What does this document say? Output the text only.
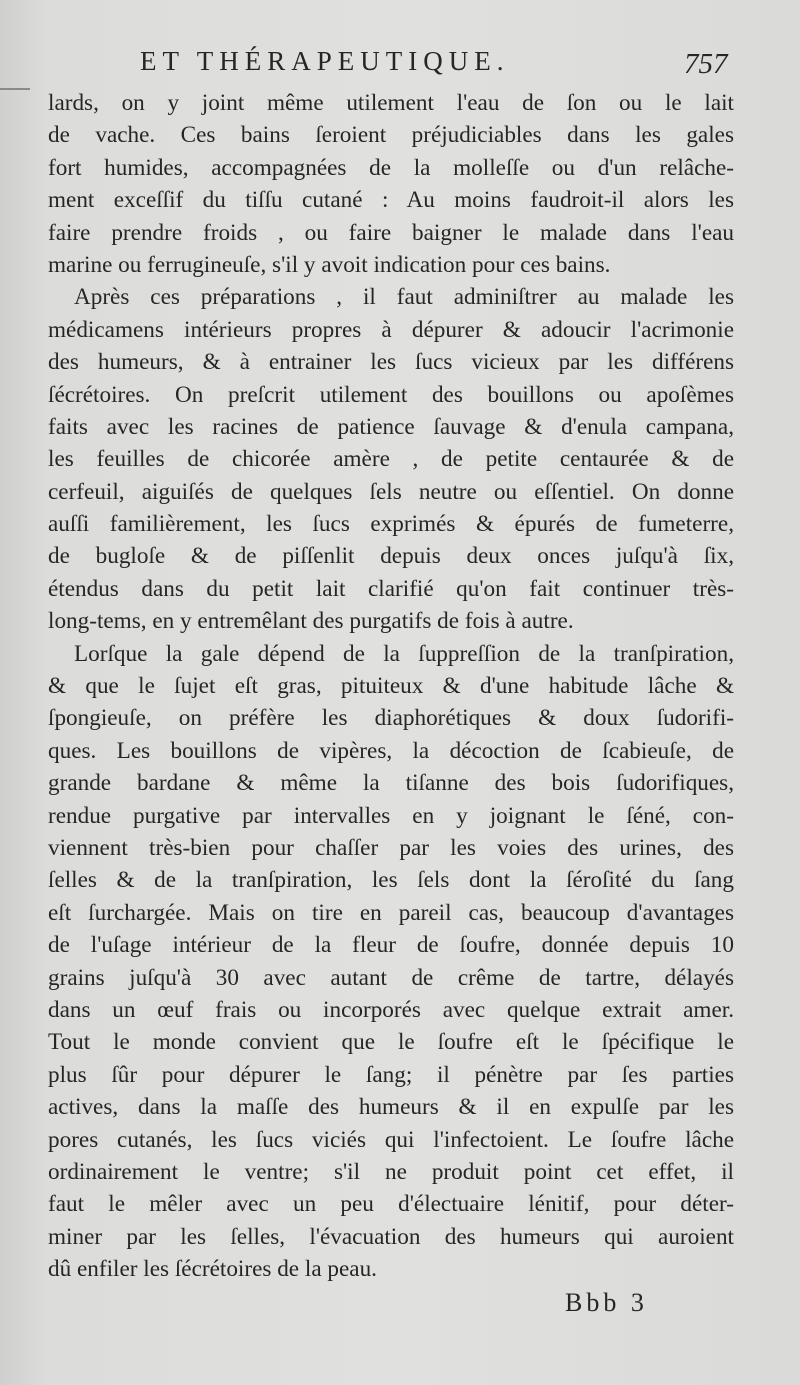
ET THÉRAPEUTIQUE.	757
lards, on y joint même utilement l'eau de ſon ou le lait
de vache. Ces bains ſeroient préjudiciables dans les gales
fort humides, accompagnées de la molleſſe ou d'un relâche-
ment exceſſif du tiſſu cutané : Au moins faudroit-il alors les
faire prendre froids , ou faire baigner le malade dans l'eau
marine ou ferrugineuſe, s'il y avoit indication pour ces bains.
Après ces préparations , il faut adminiſtrer au malade les
médicamens intérieurs propres à dépurer & adoucir l'acrimonie
des humeurs, & à entrainer les ſucs vicieux par les différens
ſécrétoires. On preſcrit utilement des bouillons ou apoſèmes
faits avec les racines de patience ſauvage & d'enula campana,
les feuilles de chicorée amère , de petite centaurée & de
cerfeuil, aiguiſés de quelques ſels neutre ou eſſentiel. On donne
auſſi familièrement, les ſucs exprimés & épurés de fumeterre,
de bugloſe & de piſſenlit depuis deux onces juſqu'à ſix,
étendus dans du petit lait clarifié qu'on fait continuer très-
long-tems, en y entremêlant des purgatifs de fois à autre.
Lorſque la gale dépend de la ſuppreſſion de la tranſpiration,
& que le ſujet eſt gras, pituiteux & d'une habitude lâche &
ſpongieuſe, on préfère les diaphorétiques & doux ſudorifi-
ques. Les bouillons de vipères, la décoction de ſcabieuſe, de
grande bardane & même la tiſanne des bois ſudorifiques,
rendue purgative par intervalles en y joignant le ſéné, con-
viennent très-bien pour chaſſer par les voies des urines, des
ſelles & de la tranſpiration, les ſels dont la ſéroſité du ſang
eſt ſurchargée. Mais on tire en pareil cas, beaucoup d'avantages
de l'uſage intérieur de la fleur de ſoufre, donnée depuis 10
grains juſqu'à 30 avec autant de crême de tartre, délayés
dans un œuf frais ou incorporés avec quelque extrait amer.
Tout le monde convient que le ſoufre eſt le ſpécifique le
plus ſûr pour dépurer le ſang; il pénètre par ſes parties
actives, dans la maſſe des humeurs & il en expulſe par les
pores cutanés, les ſucs viciés qui l'infectoient. Le ſoufre lâche
ordinairement le ventre; s'il ne produit point cet effet, il
faut le mêler avec un peu d'électuaire lénitif, pour déter-
miner par les ſelles, l'évacuation des humeurs qui auroient
dû enfiler les ſécrétoires de la peau.
Bbb 3
